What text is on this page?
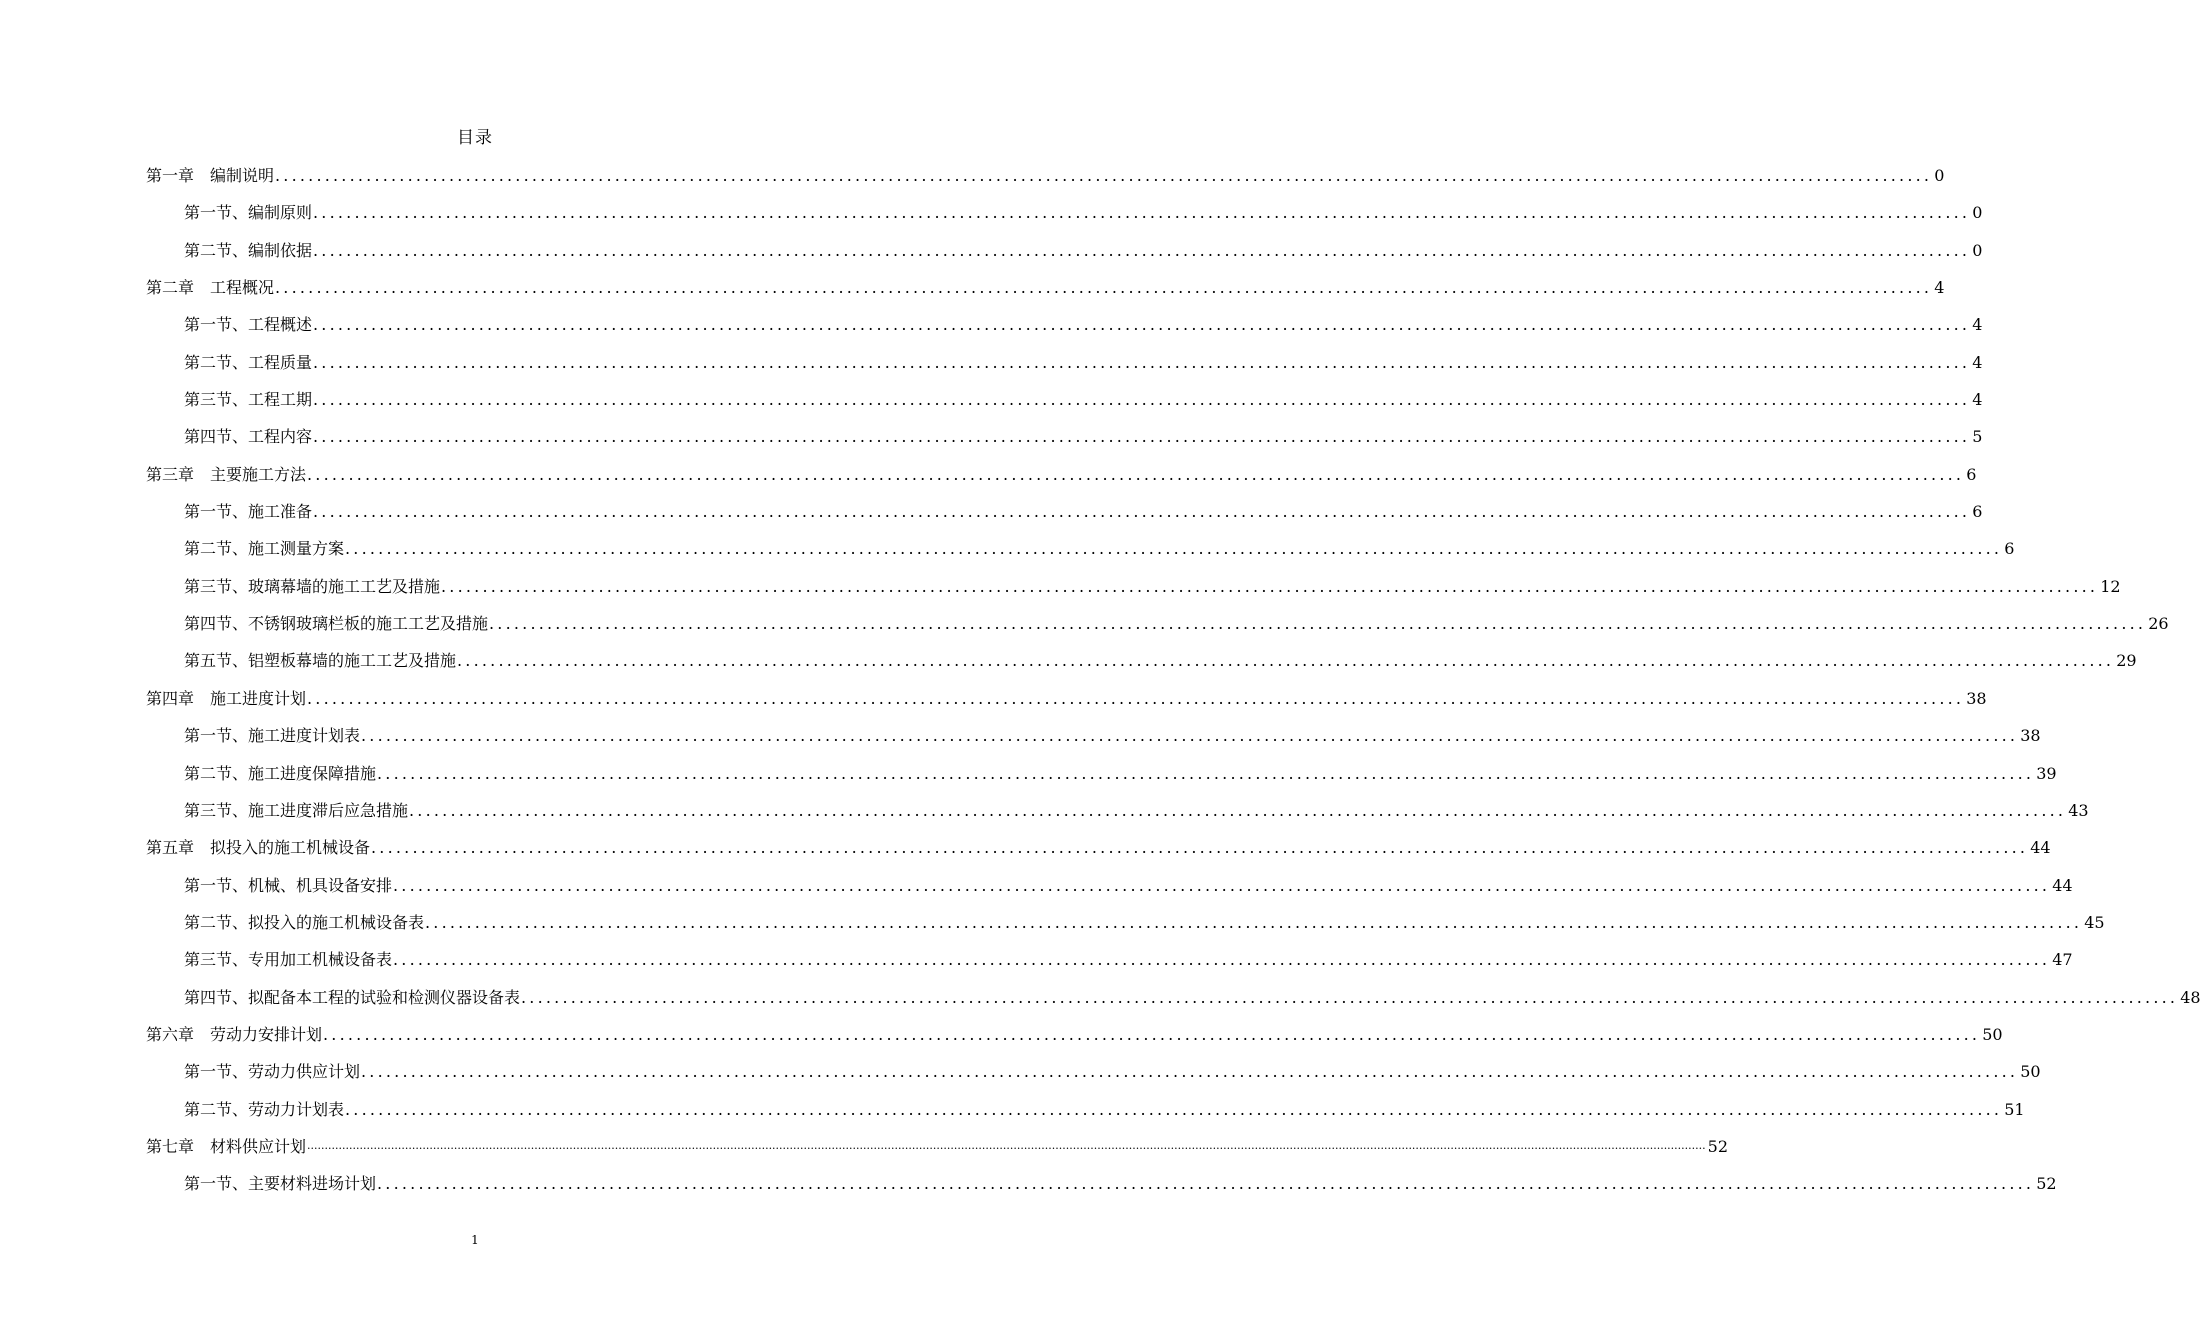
目录
第一章　编制说明 ........................................................................................................................................................................................................ 0
第一节、编制原则 ........................................................................................................................................................................................................ 0
第二节、编制依据 ........................................................................................................................................................................................................ 0
第二章　工程概况 ........................................................................................................................................................................................................ 4
第一节、工程概述 ........................................................................................................................................................................................................ 4
第二节、工程质量 ........................................................................................................................................................................................................ 4
第三节、工程工期 ........................................................................................................................................................................................................ 4
第四节、工程内容 ........................................................................................................................................................................................................ 5
第三章　主要施工方法 ........................................................................................................................................................................................................ 6
第一节、施工准备 ........................................................................................................................................................................................................ 6
第二节、施工测量方案 ........................................................................................................................................................................................................ 6
第三节、玻璃幕墙的施工工艺及措施 ........................................................................................................................................................................................................ 12
第四节、不锈钢玻璃栏板的施工工艺及措施 ........................................................................................................................................................................................................ 26
第五节、铝塑板幕墙的施工工艺及措施 ........................................................................................................................................................................................................ 29
第四章　施工进度计划 ........................................................................................................................................................................................................ 38
第一节、施工进度计划表 ........................................................................................................................................................................................................ 38
第二节、施工进度保障措施 ........................................................................................................................................................................................................ 39
第三节、施工进度滞后应急措施 ........................................................................................................................................................................................................ 43
第五章　拟投入的施工机械设备 ........................................................................................................................................................................................................ 44
第一节、机械、机具设备安排 ........................................................................................................................................................................................................ 44
第二节、拟投入的施工机械设备表 ........................................................................................................................................................................................................ 45
第三节、专用加工机械设备表 ........................................................................................................................................................................................................ 47
第四节、拟配备本工程的试验和检测仪器设备表 ........................................................................................................................................................................................................ 48
第六章　劳动力安排计划 ........................................................................................................................................................................................................ 50
第一节、劳动力供应计划 ........................................................................................................................................................................................................ 50
第二节、劳动力计划表 ........................................................................................................................................................................................................ 51
第七章　材料供应计划 ················································································································································································································································································································································································································ 52
第一节、主要材料进场计划 ........................................................................................................................................................................................................ 52
1
